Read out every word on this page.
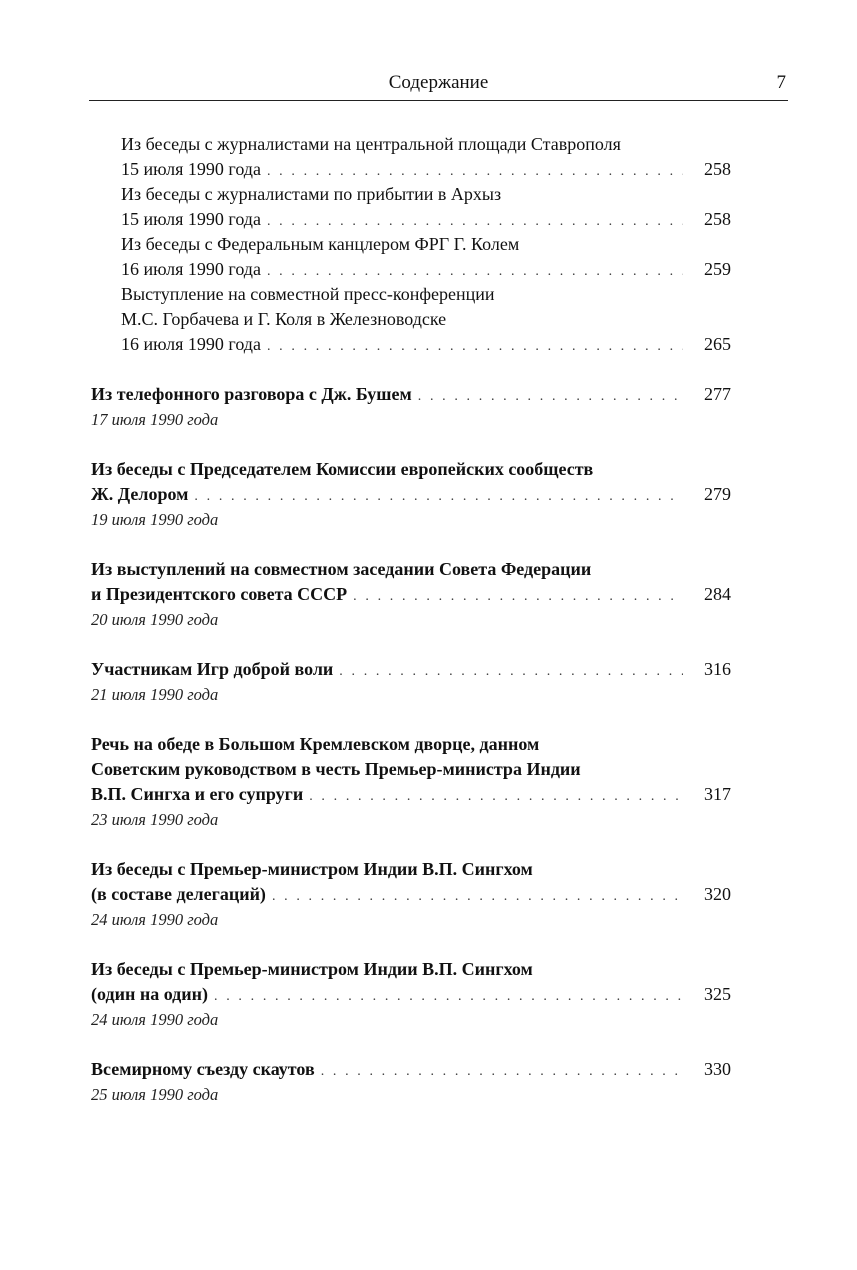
Содержание	7
Из беседы с журналистами на центральной площади Ставрополя
15 июля 1990 года . . .	258
Из беседы с журналистами по прибытии в Архыз
15 июля 1990 года . . .	258
Из беседы с Федеральным канцлером ФРГ Г. Колем
16 июля 1990 года . . .	259
Выступление на совместной пресс-конференции
М.С. Горбачева и Г. Коля в Железноводске
16 июля 1990 года . . .	265
Из телефонного разговора с Дж. Бушем . . .	277
17 июля 1990 года
Из беседы с Председателем Комиссии европейских сообществ
Ж. Делором . . .	279
19 июля 1990 года
Из выступлений на совместном заседании Совета Федерации
и Президентского совета СССР . . .	284
20 июля 1990 года
Участникам Игр доброй воли . . .	316
21 июля 1990 года
Речь на обеде в Большом Кремлевском дворце, данном
Советским руководством в честь Премьер-министра Индии
В.П. Сингха и его супруги . . .	317
23 июля 1990 года
Из беседы с Премьер-министром Индии В.П. Сингхом
(в составе делегаций) . . .	320
24 июля 1990 года
Из беседы с Премьер-министром Индии В.П. Сингхом
(один на один) . . .	325
24 июля 1990 года
Всемирному съезду скаутов . . .	330
25 июля 1990 года
